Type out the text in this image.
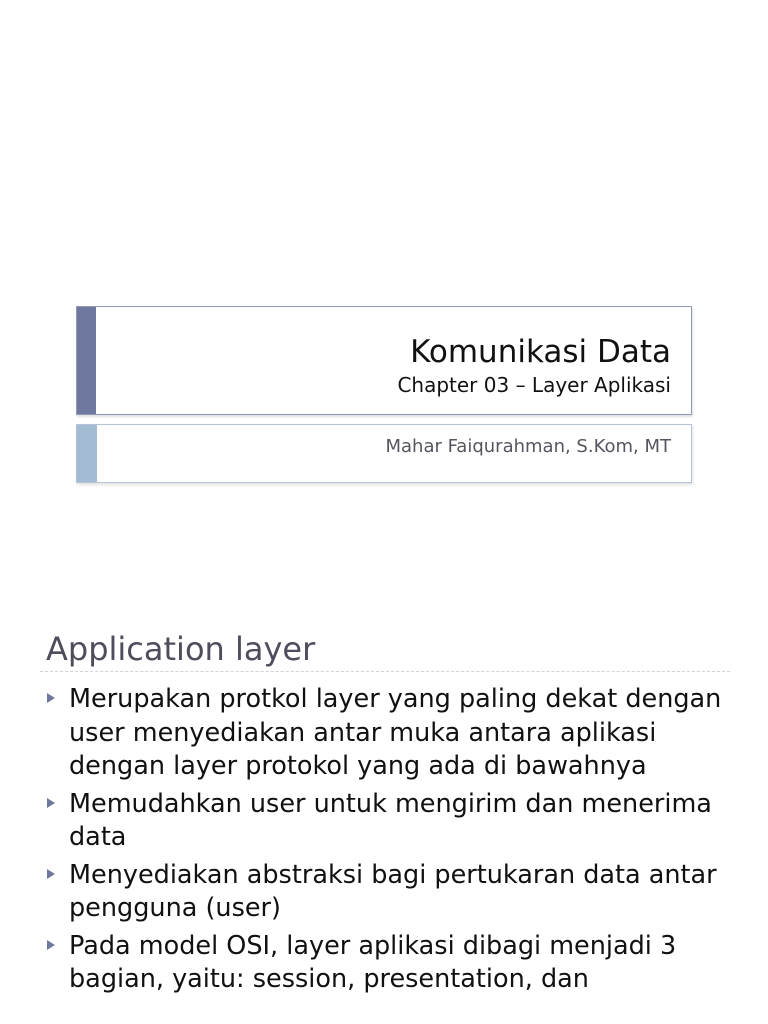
Komunikasi Data
Chapter 03 – Layer Aplikasi
Mahar Faiqurahman, S.Kom, MT
Application layer
Merupakan protkol layer yang paling dekat dengan user menyediakan antar muka antara aplikasi dengan layer protokol yang ada di bawahnya
Memudahkan user untuk mengirim dan menerima data
Menyediakan abstraksi bagi pertukaran data antar pengguna (user)
Pada model OSI, layer aplikasi dibagi menjadi 3 bagian, yaitu: session, presentation, dan
